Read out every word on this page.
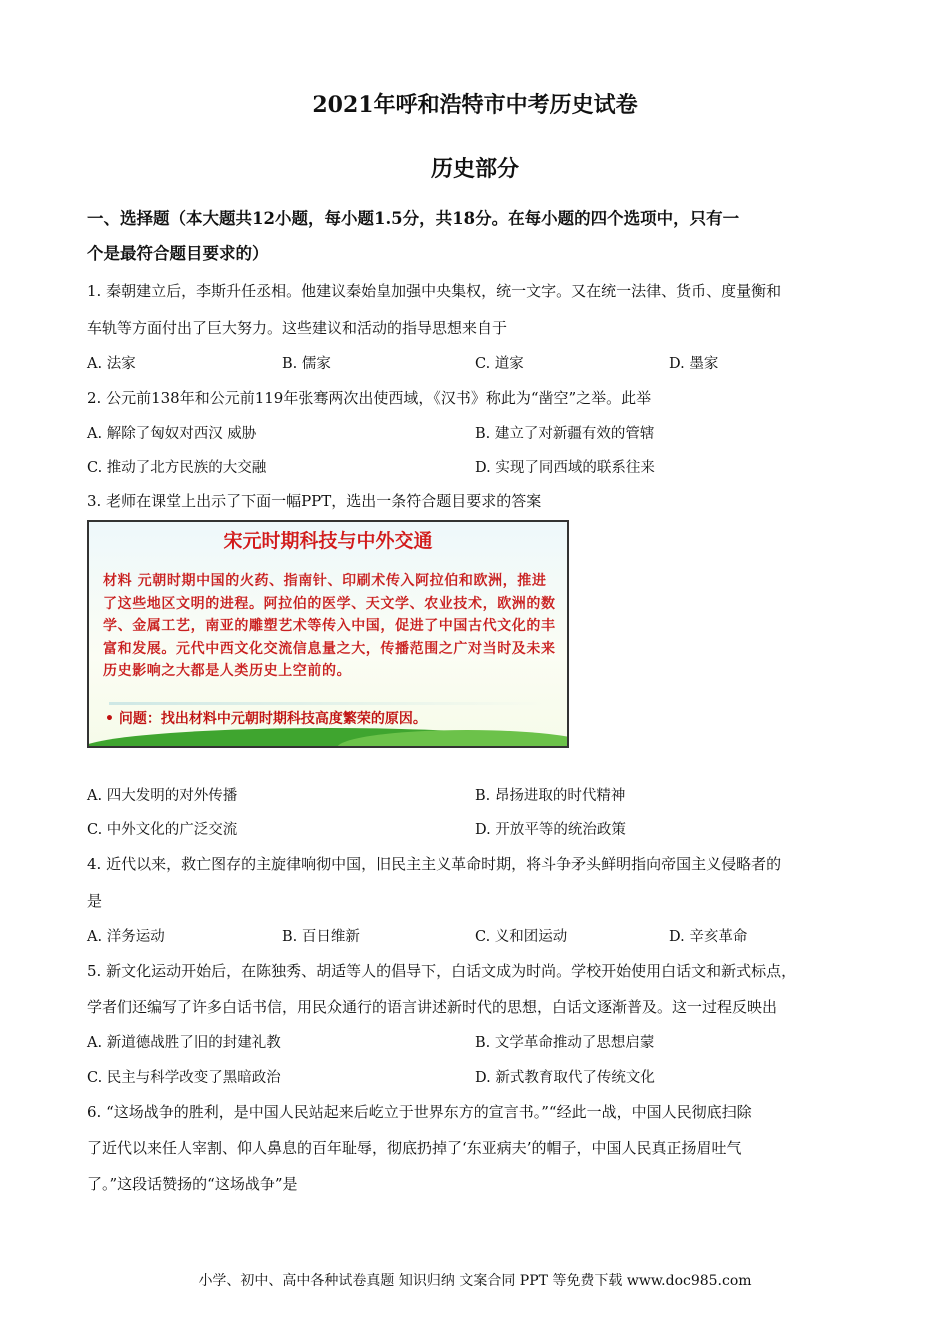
2021年呼和浩特市中考历史试卷
历史部分
一、选择题（本大题共12小题，每小题1.5分，共18分。在每小题的四个选项中，只有一
个是最符合题目要求的）
1. 秦朝建立后，李斯升任丞相。他建议秦始皇加强中央集权，统一文字。又在统一法律、货币、度量衡和
车轨等方面付出了巨大努力。这些建议和活动的指导思想来自于
A. 法家	B. 儒家	C. 道家	D. 墨家
2. 公元前138年和公元前119年张骞两次出使西域，《汉书》称此为“凿空”之举。此举
A. 解除了匈奴对西汉 威胁	B. 建立了对新疆有效的管辖
C. 推动了北方民族的大交融	D. 实现了同西域的联系往来
3. 老师在课堂上出示了下面一幅PPT，选出一条符合题目要求的答案
宋元时期科技与中外交通
材料 元朝时期中国的火药、指南针、印刷术传入阿拉伯和欧洲，推进了这些地区文明的进程。阿拉伯的医学、天文学、农业技术，欧洲的数学、金属工艺，南亚的雕塑艺术等传入中国，促进了中国古代文化的丰富和发展。元代中西文化交流信息量之大，传播范围之广对当时及未来历史影响之大都是人类历史上空前的。
• 问题：找出材料中元朝时期科技高度繁荣的原因。
A. 四大发明的对外传播	B. 昂扬进取的时代精神
C. 中外文化的广泛交流	D. 开放平等的统治政策
4. 近代以来，救亡图存的主旋律响彻中国，旧民主主义革命时期，将斗争矛头鲜明指向帝国主义侵略者的
是
A. 洋务运动	B. 百日维新	C. 义和团运动	D. 辛亥革命
5. 新文化运动开始后，在陈独秀、胡适等人的倡导下，白话文成为时尚。学校开始使用白话文和新式标点，
学者们还编写了许多白话书信，用民众通行的语言讲述新时代的思想，白话文逐渐普及。这一过程反映出
A. 新道德战胜了旧的封建礼教	B. 文学革命推动了思想启蒙
C. 民主与科学改变了黑暗政治	D. 新式教育取代了传统文化
6. “这场战争的胜利，是中国人民站起来后屹立于世界东方的宣言书。”“经此一战，中国人民彻底扫除
了近代以来任人宰割、仰人鼻息的百年耻辱，彻底扔掉了‘东亚病夫’的帽子，中国人民真正扬眉吐气
了。”这段话赞扬的“这场战争”是
小学、初中、高中各种试卷真题 知识归纳 文案合同 PPT 等免费下载 www.doc985.com
